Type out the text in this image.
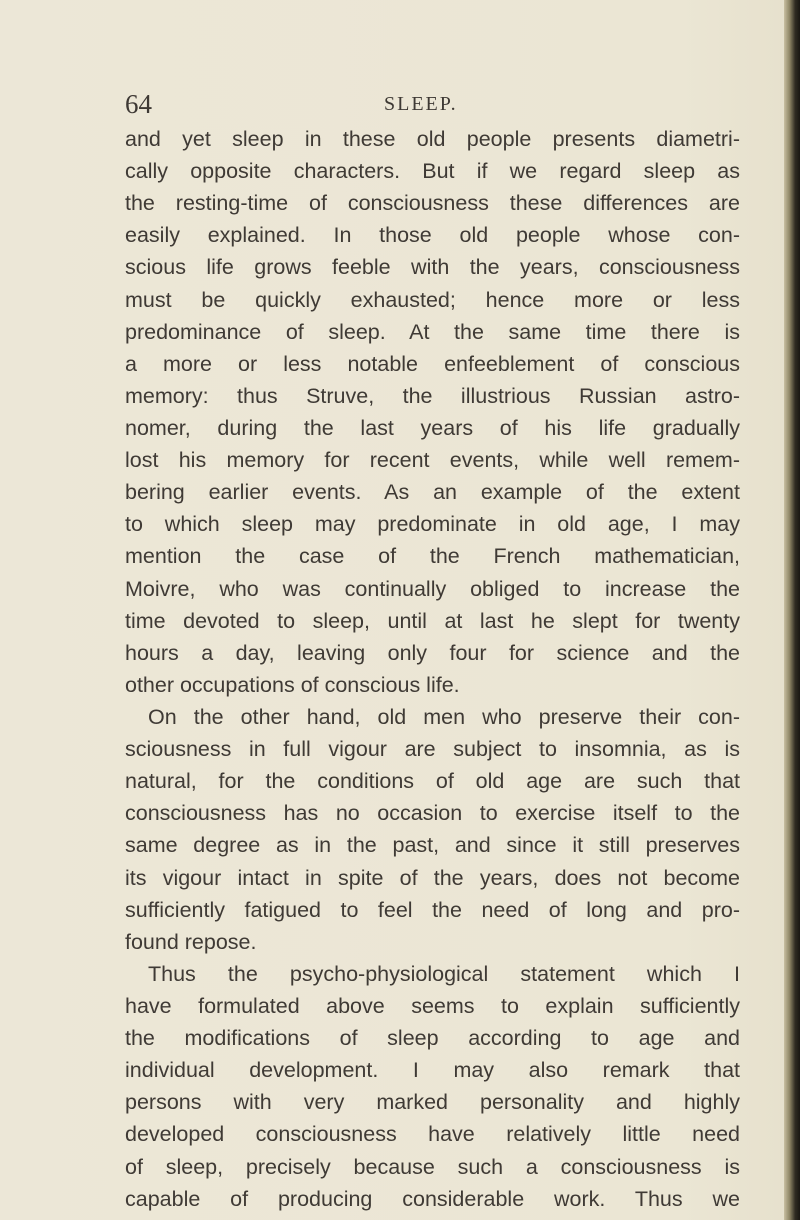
64	SLEEP.
and yet sleep in these old people presents diametri-
cally opposite characters. But if we regard sleep as
the resting-time of consciousness these differences are
easily explained. In those old people whose con-
scious life grows feeble with the years, consciousness
must be quickly exhausted; hence more or less
predominance of sleep. At the same time there is
a more or less notable enfeeblement of conscious
memory: thus Struve, the illustrious Russian astro-
nomer, during the last years of his life gradually
lost his memory for recent events, while well remem-
bering earlier events. As an example of the extent
to which sleep may predominate in old age, I may
mention the case of the French mathematician,
Moivre, who was continually obliged to increase the
time devoted to sleep, until at last he slept for twenty
hours a day, leaving only four for science and the
other occupations of conscious life.
On the other hand, old men who preserve their con-
sciousness in full vigour are subject to insomnia, as is
natural, for the conditions of old age are such that
consciousness has no occasion to exercise itself to the
same degree as in the past, and since it still preserves
its vigour intact in spite of the years, does not become
sufficiently fatigued to feel the need of long and pro-
found repose.
Thus the psycho-physiological statement which I
have formulated above seems to explain sufficiently
the modifications of sleep according to age and
individual development. I may also remark that
persons with very marked personality and highly
developed consciousness have relatively little need
of sleep, precisely because such a consciousness is
capable of producing considerable work. Thus we
